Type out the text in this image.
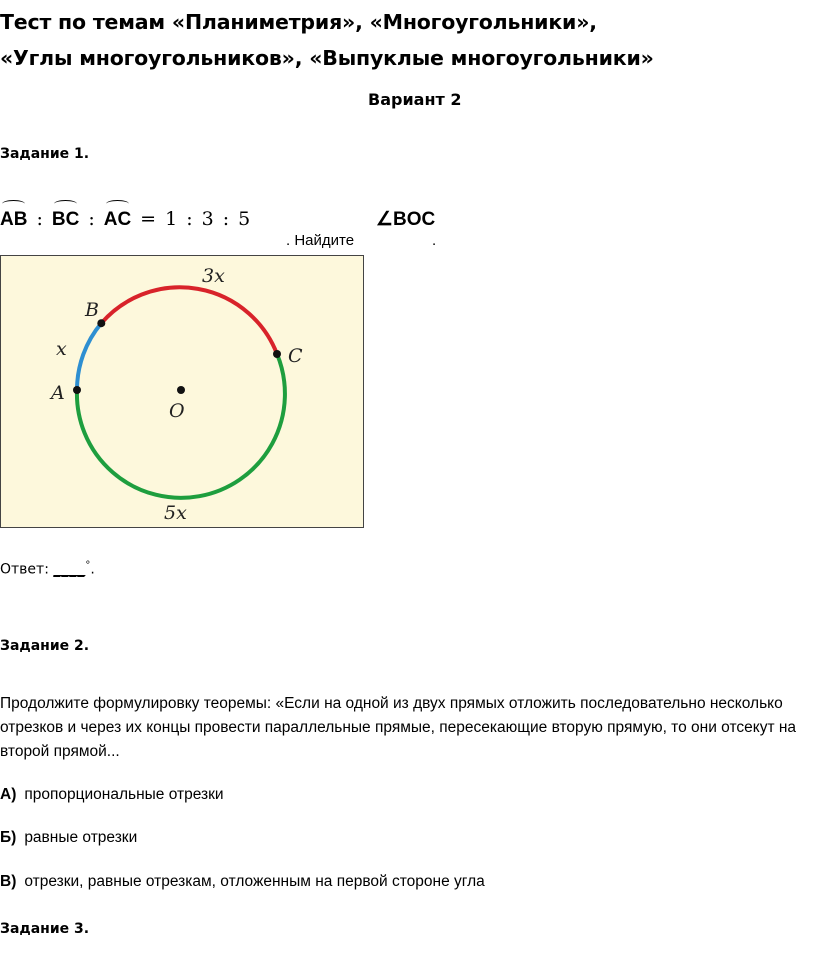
Тест по темам «Планиметрия», «Многоугольники»,
«Углы многоугольников», «Выпуклые многоугольники»
Вариант 2
Задание 1.
AB : BC : AC = 1 : 3 : 5	∠BOC
. Найдите	.
B
C
A
O
3x
x
5x
Ответ: ____°.
Задание 2.
Продолжите формулировку теоремы: «Если на одной из двух прямых отложить последовательно несколько отрезков и через их концы провести параллельные прямые, пересекающие вторую прямую, то они отсекут на второй прямой...
А) пропорциональные отрезки
Б) равные отрезки
В) отрезки, равные отрезкам, отложенным на первой стороне угла
Задание 3.
